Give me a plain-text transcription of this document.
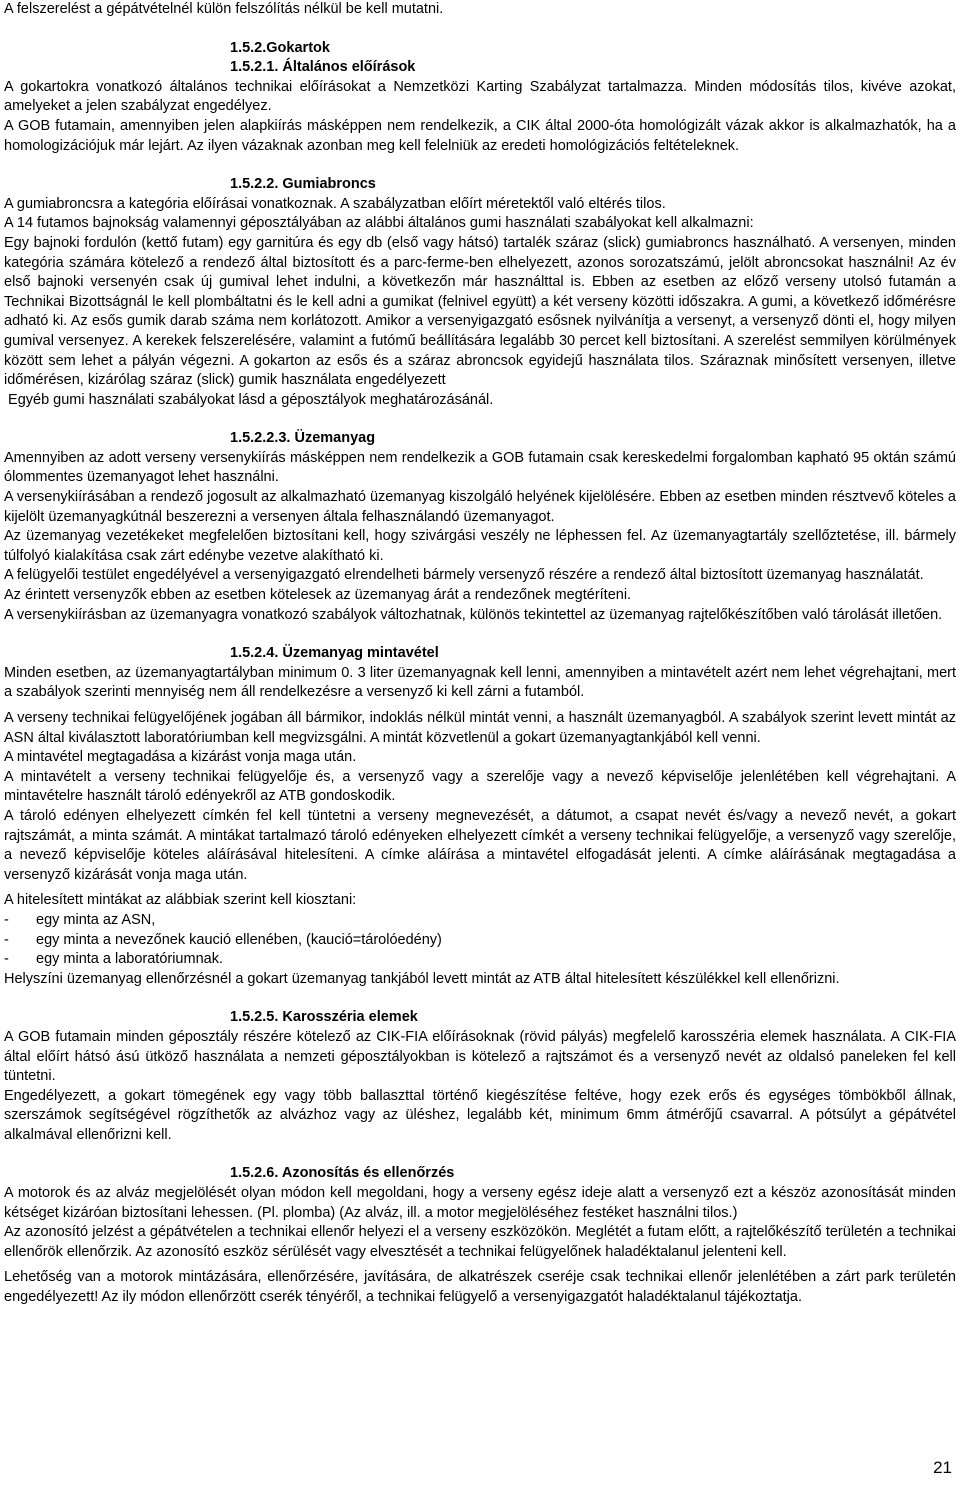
A felszerelést a gépátvételnél külön felszólítás nélkül be kell mutatni.

1.5.2.Gokartok

1.5.2.1. Általános előírások

A gokartokra vonatkozó általános technikai előírásokat a Nemzetközi Karting Szabályzat tartalmazza. Minden módosítás tilos, kivéve azokat, amelyeket a jelen szabályzat engedélyez.

A GOB futamain, amennyiben jelen alapkiírás másképpen nem rendelkezik, a CIK által 2000-óta homológizált vázak akkor is alkalmazhatók, ha a homologizációjuk már lejárt. Az ilyen vázaknak azonban meg kell felelniük az eredeti homológizációs feltételeknek.

1.5.2.2. Gumiabroncs

A gumiabroncsra a kategória előírásai vonatkoznak. A szabályzatban előírt méretektől való eltérés tilos.

A 14 futamos bajnokság valamennyi géposztályában az alábbi általános gumi használati szabályokat kell alkalmazni:

Egy bajnoki fordulón (kettő futam) egy garnitúra és egy db (első vagy hátsó) tartalék száraz (slick) gumiabroncs használható. A versenyen, minden kategória számára kötelező a rendező által biztosított és a parc-ferme-ben elhelyezett, azonos sorozatszámú, jelölt abroncsokat használni! Az év első bajnoki versenyén csak új gumival lehet indulni, a következőn már használttal is. Ebben az esetben az előző verseny utolsó futamán a Technikai Bizottságnál le kell plombáltatni és le kell adni a gumikat (felnivel együtt) a két verseny közötti időszakra. A gumi, a következő időmérésre adható ki. Az esős gumik darab száma nem korlátozott. Amikor a versenyigazgató esősnek nyilvánítja a versenyt, a versenyző dönti el, hogy milyen gumival versenyez. A kerekek felszerelésére, valamint a futómű beállítására legalább 30 percet kell biztosítani. A szerelést semmilyen körülmények között sem lehet a pályán végezni. A gokarton az esős és a száraz abroncsok egyidejű használata tilos. Száraznak minősített versenyen, illetve időmérésen, kizárólag száraz (slick) gumik használata engedélyezett

Egyéb gumi használati szabályokat lásd a géposztályok meghatározásánál.

1.5.2.2.3. Üzemanyag

Amennyiben az adott verseny versenykiírás másképpen nem rendelkezik a GOB futamain csak kereskedelmi forgalomban kapható 95 oktán számú ólommentes üzemanyagot lehet használni.

A versenykiírásában a rendező jogosult az alkalmazható üzemanyag kiszolgáló helyének kijelölésére. Ebben az esetben minden résztvevő köteles a kijelölt üzemanyagkútnál beszerezni a versenyen általa felhasználandó üzemanyagot.

Az üzemanyag vezetékeket megfelelően biztosítani kell, hogy szivárgási veszély ne léphessen fel. Az üzemanyagtartály szellőztetése, ill. bármely túlfolyó kialakítása csak zárt edénybe vezetve alakítható ki.

A felügyelői testület engedélyével a versenyigazgató elrendelheti bármely versenyző részére a rendező által biztosított üzemanyag használatát.

Az érintett versenyzők ebben az esetben kötelesek az üzemanyag árát a rendezőnek megtéríteni.

A versenykiírásban az üzemanyagra vonatkozó szabályok változhatnak, különös tekintettel az üzemanyag rajtelőkészítőben való tárolását illetően.

1.5.2.4. Üzemanyag mintavétel

Minden esetben, az üzemanyagtartályban minimum 0. 3 liter üzemanyagnak kell lenni, amennyiben a mintavételt azért nem lehet végrehajtani, mert a szabályok szerinti mennyiség nem áll rendelkezésre a versenyző ki kell zárni a futamból.

A verseny technikai felügyelőjének jogában áll bármikor, indoklás nélkül mintát venni, a használt üzemanyagból. A szabályok szerint levett mintát az ASN által kiválasztott laboratóriumban kell megvizsgálni. A mintát közvetlenül a gokart üzemanyagtankjából kell venni.

A mintavétel megtagadása a kizárást vonja maga után.

A mintavételt a verseny technikai felügyelője és, a versenyző vagy a szerelője vagy a nevező képviselője jelenlétében kell végrehajtani. A mintavételre használt tároló edényekről az ATB gondoskodik.

A tároló edényen elhelyezett címkén fel kell tüntetni a verseny megnevezését, a dátumot, a csapat nevét és/vagy a nevező nevét, a gokart rajtszámát, a minta számát. A mintákat tartalmazó tároló edényeken elhelyezett címkét a verseny technikai felügyelője, a versenyző vagy szerelője, a nevező képviselője köteles aláírásával hitelesíteni. A címke aláírása a mintavétel elfogadását jelenti. A címke aláírásának megtagadása a versenyző kizárását vonja maga után.

A hitelesített mintákat az alábbiak szerint kell kiosztani:

-	egy minta az ASN,

-	egy minta a nevezőnek kaució ellenében, (kaució=tárolóedény)

-	egy minta a laboratóriumnak.

Helyszíni üzemanyag ellenőrzésnél a gokart üzemanyag tankjából levett mintát az ATB által hitelesített készülékkel kell ellenőrizni.

1.5.2.5. Karosszéria elemek

A GOB futamain minden géposztály részére kötelező az CIK-FIA előírásoknak (rövid pályás) megfelelő karosszéria elemek használata. A CIK-FIA által előírt hátsó ású ütköző használata a nemzeti géposztályokban is kötelező a rajtszámot és a versenyző nevét az oldalsó paneleken fel kell tüntetni.

Engedélyezett, a gokart tömegének egy vagy több ballaszttal történő kiegészítése feltéve, hogy ezek erős és egységes tömbökből állnak, szerszámok segítségével rögzíthetők az alvázhoz vagy az üléshez, legalább két, minimum 6mm átmérőjű csavarral. A pótsúlyt a gépátvétel alkalmával ellenőrizni kell.

1.5.2.6. Azonosítás és ellenőrzés

A motorok és az alváz megjelölését olyan módon kell megoldani, hogy a verseny egész ideje alatt a versenyző ezt a készöz azonosítását minden kétséget kizáróan biztosítani lehessen. (Pl. plomba) (Az alváz, ill. a motor megjelöléséhez festéket használni tilos.)

Az azonosító jelzést a gépátvételen a technikai ellenőr helyezi el a verseny eszközökön. Meglétét a futam előtt, a rajtelőkészítő területén a technikai ellenőrök ellenőrzik. Az azonosító eszköz sérülését vagy elvesztését a technikai felügyelőnek haladéktalanul jelenteni kell.

Lehetőség van a motorok mintázására, ellenőrzésére, javítására, de alkatrészek cseréje csak technikai ellenőr jelenlétében a zárt park területén engedélyezett! Az ily módon ellenőrzött cserék tényéről, a technikai felügyelő a versenyigazgatót haladéktalanul tájékoztatja.

21
